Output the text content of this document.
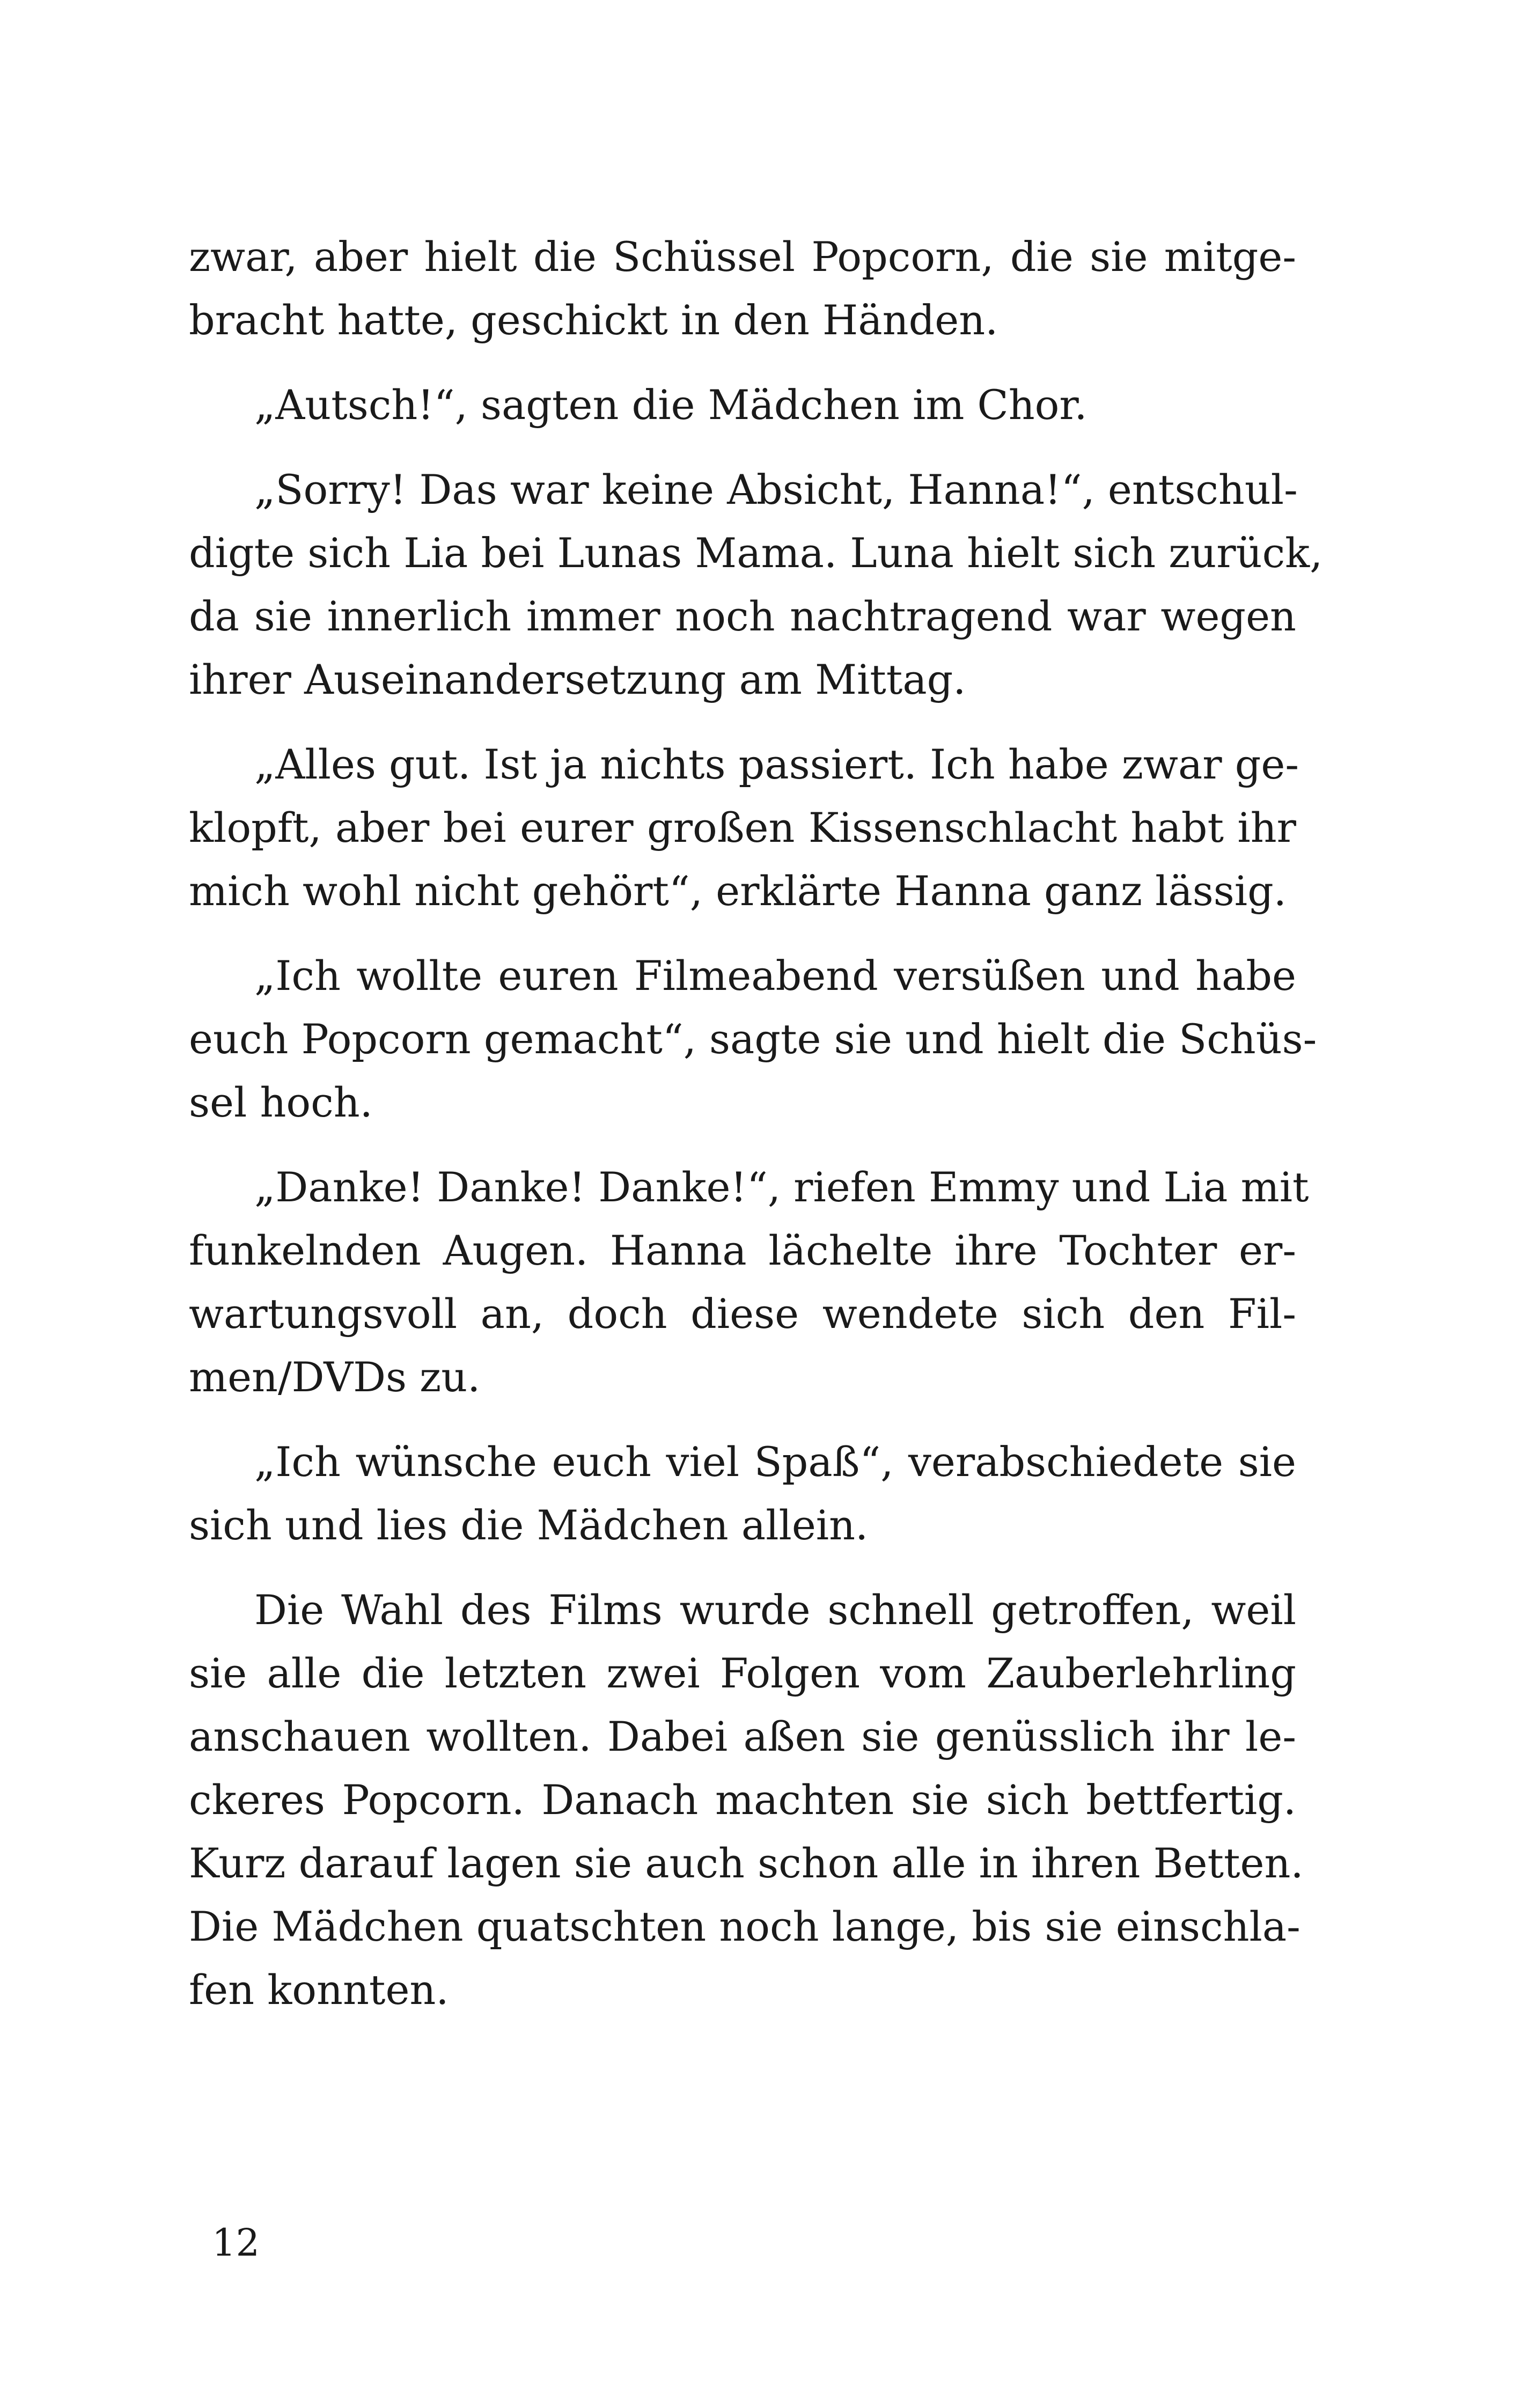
zwar, aber hielt die Schüssel Popcorn, die sie mitge-
bracht hatte, geschickt in den Händen.
„Autsch!“, sagten die Mädchen im Chor.
„Sorry! Das war keine Absicht, Hanna!“, entschul-
digte sich Lia bei Lunas Mama. Luna hielt sich zurück,
da sie innerlich immer noch nachtragend war wegen
ihrer Auseinandersetzung am Mittag.
„Alles gut. Ist ja nichts passiert. Ich habe zwar ge-
klopft, aber bei eurer großen Kissenschlacht habt ihr
mich wohl nicht gehört“, erklärte Hanna ganz lässig.
„Ich wollte euren Filmeabend versüßen und habe
euch Popcorn gemacht“, sagte sie und hielt die Schüs-
sel hoch.
„Danke! Danke! Danke!“, riefen Emmy und Lia mit
funkelnden Augen. Hanna lächelte ihre Tochter er-
wartungsvoll an, doch diese wendete sich den Fil-
men/DVDs zu.
„Ich wünsche euch viel Spaß“, verabschiedete sie
sich und lies die Mädchen allein.
Die Wahl des Films wurde schnell getroffen, weil
sie alle die letzten zwei Folgen vom Zauberlehrling
anschauen wollten. Dabei aßen sie genüsslich ihr le-
ckeres Popcorn. Danach machten sie sich bettfertig.
Kurz darauf lagen sie auch schon alle in ihren Betten.
Die Mädchen quatschten noch lange, bis sie einschla-
fen konnten.
12
